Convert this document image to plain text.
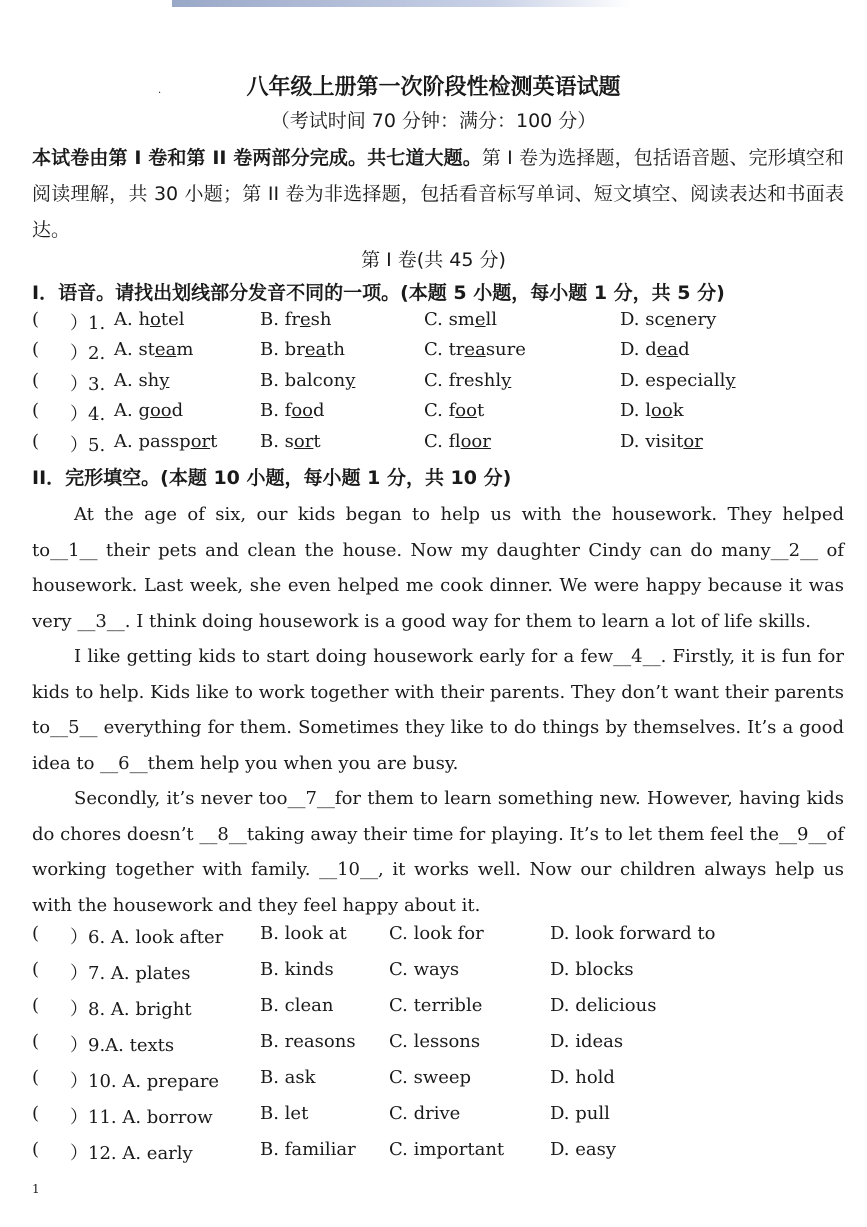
·	八年级上册第一次阶段性检测英语试题
（考试时间 70 分钟：满分：100 分）
本试卷由第 I 卷和第 II 卷两部分完成。共七道大题。第 I 卷为选择题，包括语音题、完形填空和阅读理解，共 30 小题；第 II 卷为非选择题，包括看音标写单词、短文填空、阅读表达和书面表达。
第 I 卷(共 45 分)
I．语音。请找出划线部分发音不同的一项。(本题 5 小题，每小题 1 分，共 5 分)
( ）1. A. hotel	B. fresh	C. smell	D. scenery
( ）2. A. steam	B. breath	C. treasure	D. dead
( ）3. A. shy	B. balcony	C. freshly	D. especially
( ）4. A. good	B. food	C. foot	D. look
( ）5. A. passport B. sort	C. floor	D. visitor
II．完形填空。(本题 10 小题，每小题 1 分，共 10 分)

At the age of six, our kids began to help us with the housework. They helped to__1__ their pets and clean the house. Now my daughter Cindy can do many__2__ of housework. Last week, she even helped me cook dinner. We were happy because it was very __3__. I think doing housework is a good way for them to learn a lot of life skills.

I like getting kids to start doing housework early for a few__4__. Firstly, it is fun for kids to help. Kids like to work together with their parents. They don’t want their parents to__5__ everything for them. Sometimes they like to do things by themselves. It’s a good idea to __6__them help you when you are busy.

Secondly, it’s never too__7__for them to learn something new. However, having kids do chores doesn’t __8__taking away their time for playing. It’s to let them feel the__9__of working together with family. __10__, it works well. Now our children always help us with the housework and they feel happy about it.

( ）6. A. look after B. look at C. look for	D. look forward to
( ）7. A. plates	B. kinds	C. ways	D. blocks
( ）8. A. bright	B. clean	C. terrible	D. delicious
( ）9.A. texts	B. reasons C. lessons	D. ideas
( ）10. A. prepare B. ask	C. sweep	D. hold
( ）11. A. borrow	B. let	C. drive	D. pull
( ）12. A. early	B. familiar C. important	D. easy
1
